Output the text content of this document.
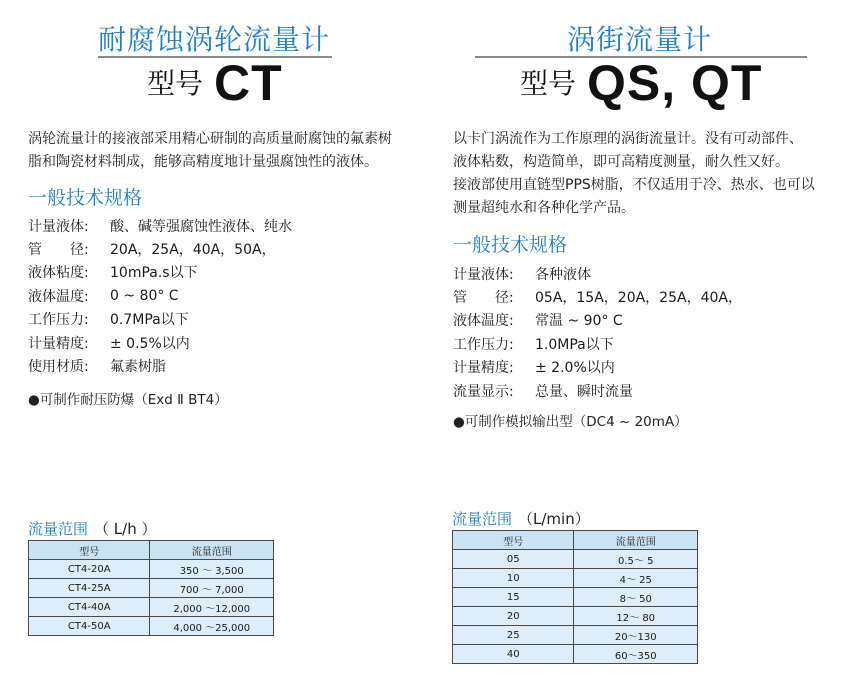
耐腐蚀涡轮流量计
型号 CT

涡轮流量计的接液部采用精心研制的高质量耐腐蚀的氟素树

脂和陶瓷材料制成，能够高精度地计量强腐蚀性的液体。

一般技术规格
计量液体:	酸、碱等强腐蚀性液体、纯水
管　　径:	20A，25A，40A，50A，
液体粘度:	10mPa.s以下
液体温度:	0 ~ 80° C
工作压力:	0.7MPa以下
计量精度:	± 0.5%以内
使用材质:	氟素树脂
●可制作耐压防爆（Exd Ⅱ BT4）
流量范围 （ L/h ）
型号	流量范围
CT4-20A	350 ～ 3,500
CT4-25A	700 ～ 7,000
CT4-40A	2,000 ～12,000
CT4-50A	4,000 ～25,000
涡街流量计
型号 QS, QT

以卡门涡流作为工作原理的涡街流量计。没有可动部件、

液体粘数，构造简单，即可高精度测量，耐久性又好。

接液部使用直链型PPS树脂，不仅适用于冷、热水、也可以

测量超纯水和各种化学产品。

一般技术规格
计量液体:	各种液体
管　　径:	05A，15A，20A，25A，40A，
液体温度:	常温 ~ 90° C
工作压力:	1.0MPa以下
计量精度:	± 2.0%以内
流量显示:	总量、瞬时流量
●可制作模拟输出型（DC4 ~ 20mA）
流量范围 （L/min）
型号	流量范围
05	0.5～ 5
10	4～ 25
15	8～ 50
20	12～ 80
25	20～130
40	60～350
